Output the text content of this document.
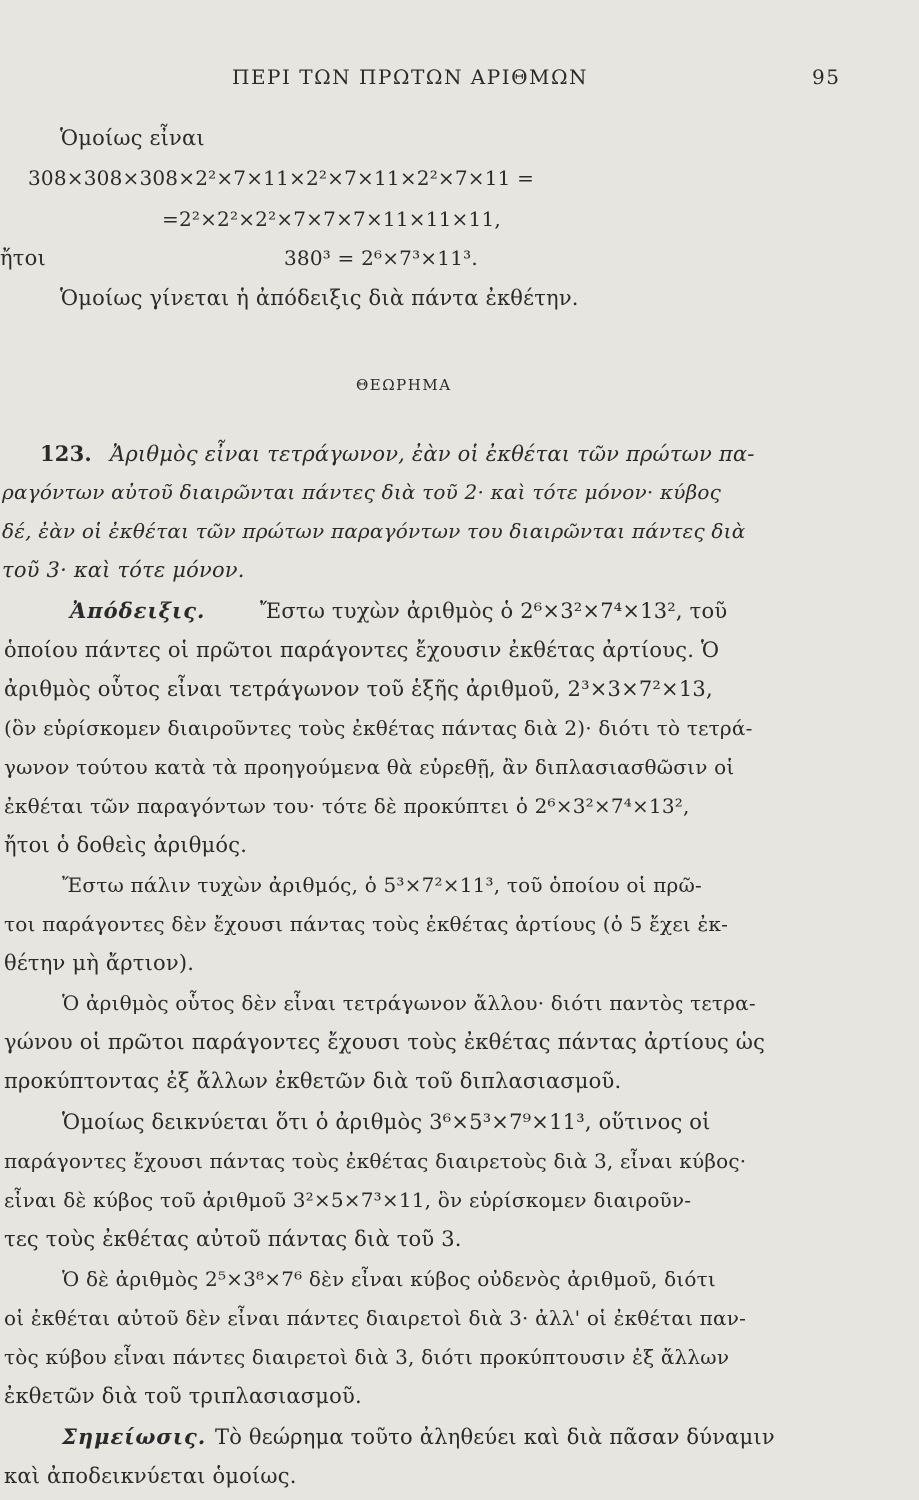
ΠΕΡΙ ΤΩΝ ΠΡΩΤΩΝ ΑΡΙΘΜΩΝ	95
Ὁμοίως εἶναι
308×308×308×2²×7×11×2²×7×11×2²×7×11 =
=2²×2²×2²×7×7×7×11×11×11,
ἤτοι	380³ = 2⁶×7³×11³.
Ὁμοίως γίνεται ἡ ἀπόδειξις διὰ πάντα ἐκθέτην.
ΘΕΩΡΗΜΑ
123. Ἀριθμὸς εἶναι τετράγωνον, ἐὰν οἱ ἐκθέται τῶν πρώτων πα-
ραγόντων αὐτοῦ διαιρῶνται πάντες διὰ τοῦ 2· καὶ τότε μόνον· κύβος
δέ, ἐὰν οἱ ἐκθέται τῶν πρώτων παραγόντων του διαιρῶνται πάντες διὰ
τοῦ 3· καὶ τότε μόνον.
Ἀπόδειξις.	Ἔστω τυχὼν ἀριθμὸς ὁ 2⁶×3²×7⁴×13², τοῦ
ὁποίου πάντες οἱ πρῶτοι παράγοντες ἔχουσιν ἐκθέτας ἀρτίους. Ὁ
ἀριθμὸς οὗτος εἶναι τετράγωνον τοῦ ἑξῆς ἀριθμοῦ, 2³×3×7²×13,
(ὃν εὑρίσκομεν διαιροῦντες τοὺς ἐκθέτας πάντας διὰ 2)· διότι τὸ τετρά-
γωνον τούτου κατὰ τὰ προηγούμενα θὰ εὑρεθῇ, ἂν διπλασιασθῶσιν οἱ
ἐκθέται τῶν παραγόντων του· τότε δὲ προκύπτει ὁ 2⁶×3²×7⁴×13²,
ἤτοι ὁ δοθεὶς ἀριθμός.
Ἔστω πάλιν τυχὼν ἀριθμός, ὁ 5³×7²×11³, τοῦ ὁποίου οἱ πρῶ-
τοι παράγοντες δὲν ἔχουσι πάντας τοὺς ἐκθέτας ἀρτίους (ὁ 5 ἔχει ἐκ-
θέτην μὴ ἄρτιον).
Ὁ ἀριθμὸς οὗτος δὲν εἶναι τετράγωνον ἄλλου· διότι παντὸς τετρα-
γώνου οἱ πρῶτοι παράγοντες ἔχουσι τοὺς ἐκθέτας πάντας ἀρτίους ὡς
προκύπτοντας ἐξ ἄλλων ἐκθετῶν διὰ τοῦ διπλασιασμοῦ.
Ὁμοίως δεικνύεται ὅτι ὁ ἀριθμὸς 3⁶×5³×7⁹×11³, οὕτινος οἱ
παράγοντες ἔχουσι πάντας τοὺς ἐκθέτας διαιρετοὺς διὰ 3, εἶναι κύβος·
εἶναι δὲ κύβος τοῦ ἀριθμοῦ 3²×5×7³×11, ὃν εὑρίσκομεν διαιροῦν-
τες τοὺς ἐκθέτας αὐτοῦ πάντας διὰ τοῦ 3.
Ὁ δὲ ἀριθμὸς 2⁵×3⁸×7⁶ δὲν εἶναι κύβος οὐδενὸς ἀριθμοῦ, διότι
οἱ ἐκθέται αὐτοῦ δὲν εἶναι πάντες διαιρετοὶ διὰ 3· ἀλλ' οἱ ἐκθέται παν-
τὸς κύβου εἶναι πάντες διαιρετοὶ διὰ 3, διότι προκύπτουσιν ἐξ ἄλλων
ἐκθετῶν διὰ τοῦ τριπλασιασμοῦ.
Σημείωσις. Τὸ θεώρημα τοῦτο ἀληθεύει καὶ διὰ πᾶσαν δύναμιν
καὶ ἀποδεικνύεται ὁμοίως.
